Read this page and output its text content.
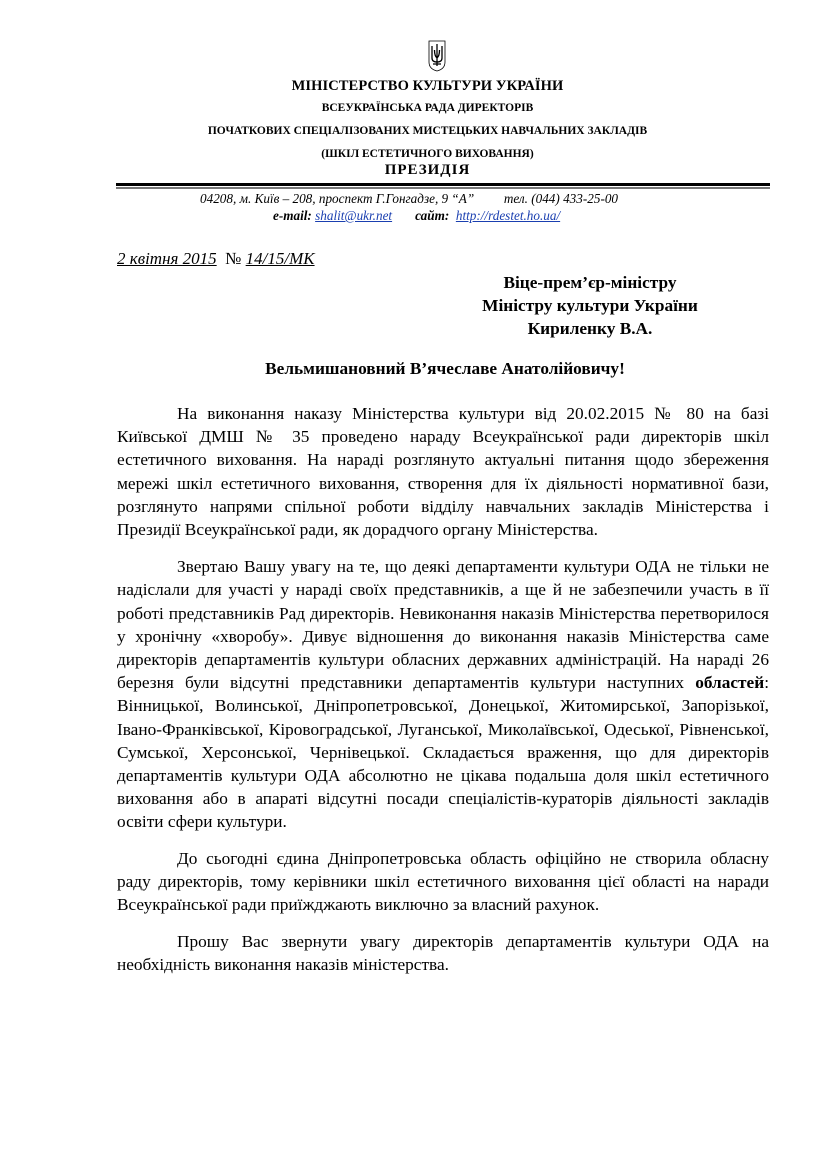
МІНІСТЕРСТВО КУЛЬТУРИ УКРАЇНИ
ВСЕУКРАЇНСЬКА РАДА ДИРЕКТОРІВ
ПОЧАТКОВИХ СПЕЦІАЛІЗОВАНИХ МИСТЕЦЬКИХ НАВЧАЛЬНИХ ЗАКЛАДІВ
(ШКІЛ ЕСТЕТИЧНОГО ВИХОВАННЯ)
ПРЕЗИДІЯ
04208, м. Київ – 208, проспект Г.Гонгадзе, 9 “А” тел. (044) 433-25-00
e-mail: shalit@ukr.net сайт: http://rdestet.ho.ua/
2 квітня 2015 № 14/15/МК
Віце-прем’єр-міністру
Міністру культури України
Кириленку В.А.
Вельмишановний В’ячеславе Анатолійовичу!

На виконання наказу Міністерства культури від 20.02.2015 № 80 на базі Київської ДМШ № 35 проведено нараду Всеукраїнської ради директорів шкіл естетичного виховання. На нараді розглянуто актуальні питання щодо збереження мережі шкіл естетичного виховання, створення для їх діяльності нормативної бази, розглянуто напрями спільної роботи відділу навчальних закладів Міністерства і Президії Всеукраїнської ради, як дорадчого органу Міністерства.

Звертаю Вашу увагу на те, що деякі департаменти культури ОДА не тільки не надіслали для участі у нараді своїх представників, а ще й не забезпечили участь в її роботі представників Рад директорів. Невиконання наказів Міністерства перетворилося у хронічну «хворобу». Дивує відношення до виконання наказів Міністерства саме директорів департаментів культури обласних державних адміністрацій. На нараді 26 березня були відсутні представники департаментів культури наступних областей: Вінницької, Волинської, Дніпропетровської, Донецької, Житомирської, Запорізької, Івано-Франківської, Кіровоградської, Луганської, Миколаївської, Одеської, Рівненської, Сумської, Херсонської, Чернівецької. Складається враження, що для директорів департаментів культури ОДА абсолютно не цікава подальша доля шкіл естетичного виховання або в апараті відсутні посади спеціалістів-кураторів діяльності закладів освіти сфери культури.

До сьогодні єдина Дніпропетровська область офіційно не створила обласну раду директорів, тому керівники шкіл естетичного виховання цієї області на наради Всеукраїнської ради приїжджають виключно за власний рахунок.

Прошу Вас звернути увагу директорів департаментів культури ОДА на необхідність виконання наказів міністерства.
